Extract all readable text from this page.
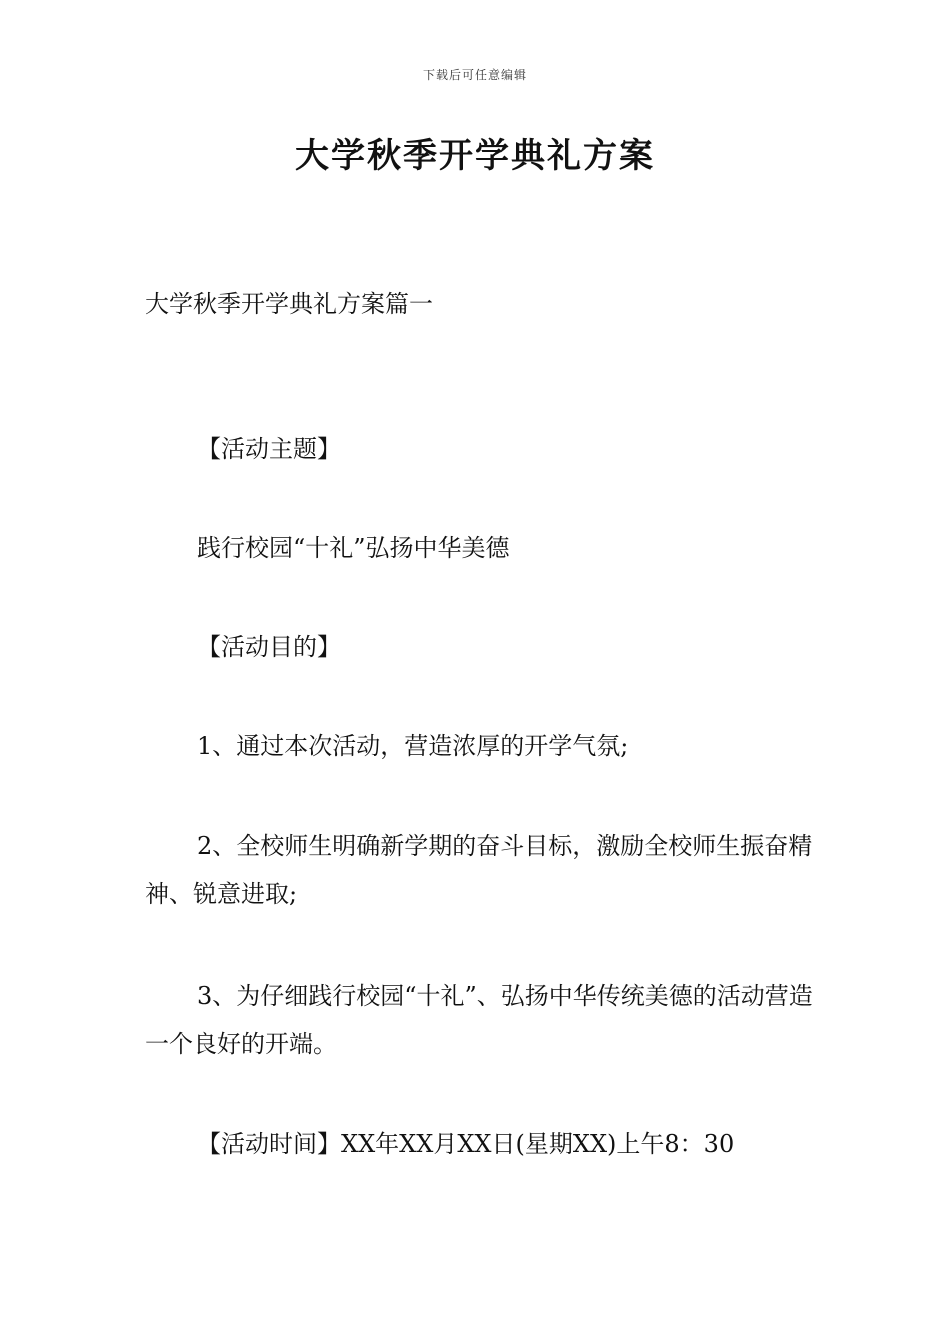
下载后可任意编辑
大学秋季开学典礼方案

大学秋季开学典礼方案篇一

【活动主题】

践行校园“十礼”弘扬中华美德

【活动目的】

1、通过本次活动，营造浓厚的开学气氛;

2、全校师生明确新学期的奋斗目标，激励全校师生振奋精神、锐意进取;

3、为仔细践行校园“十礼”、弘扬中华传统美德的活动营造一个良好的开端。

【活动时间】XX年XX月XX日(星期XX)上午8：30
